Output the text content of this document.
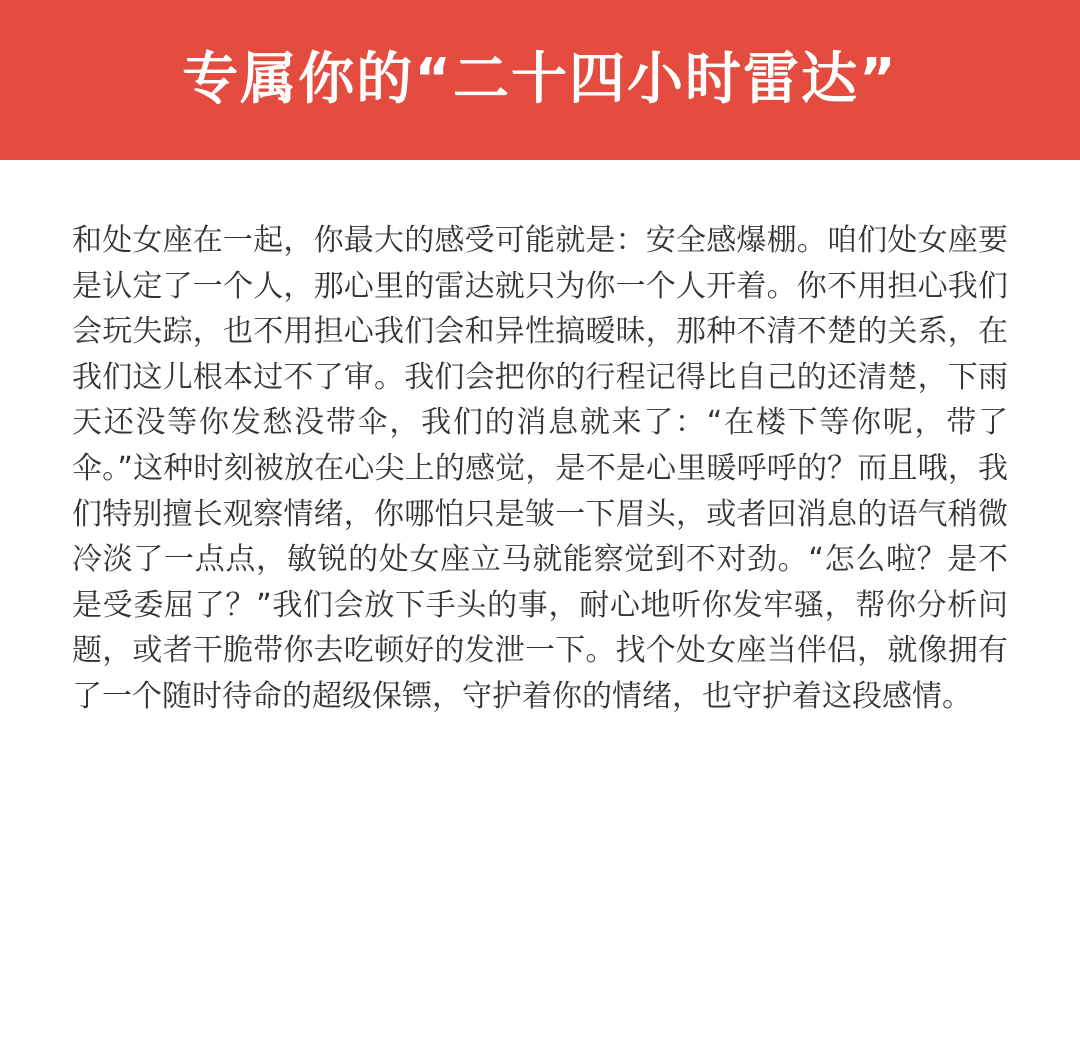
专属你的“二十四小时雷达”

和处女座在一起，你最大的感受可能就是：安全感爆棚。咱们处女座要是认定了一个人，那心里的雷达就只为你一个人开着。你不用担心我们会玩失踪，也不用担心我们会和异性搞暧昧，那种不清不楚的关系，在我们这儿根本过不了审。我们会把你的行程记得比自己的还清楚，下雨天还没等你发愁没带伞，我们的消息就来了：“在楼下等你呢，带了伞。”这种时刻被放在心尖上的感觉，是不是心里暖呼呼的？而且哦，我们特别擅长观察情绪，你哪怕只是皱一下眉头，或者回消息的语气稍微冷淡了一点点，敏锐的处女座立马就能察觉到不对劲。“怎么啦？是不是受委屈了？”我们会放下手头的事，耐心地听你发牢骚，帮你分析问题，或者干脆带你去吃顿好的发泄一下。找个处女座当伴侣，就像拥有了一个随时待命的超级保镖，守护着你的情绪，也守护着这段感情。
